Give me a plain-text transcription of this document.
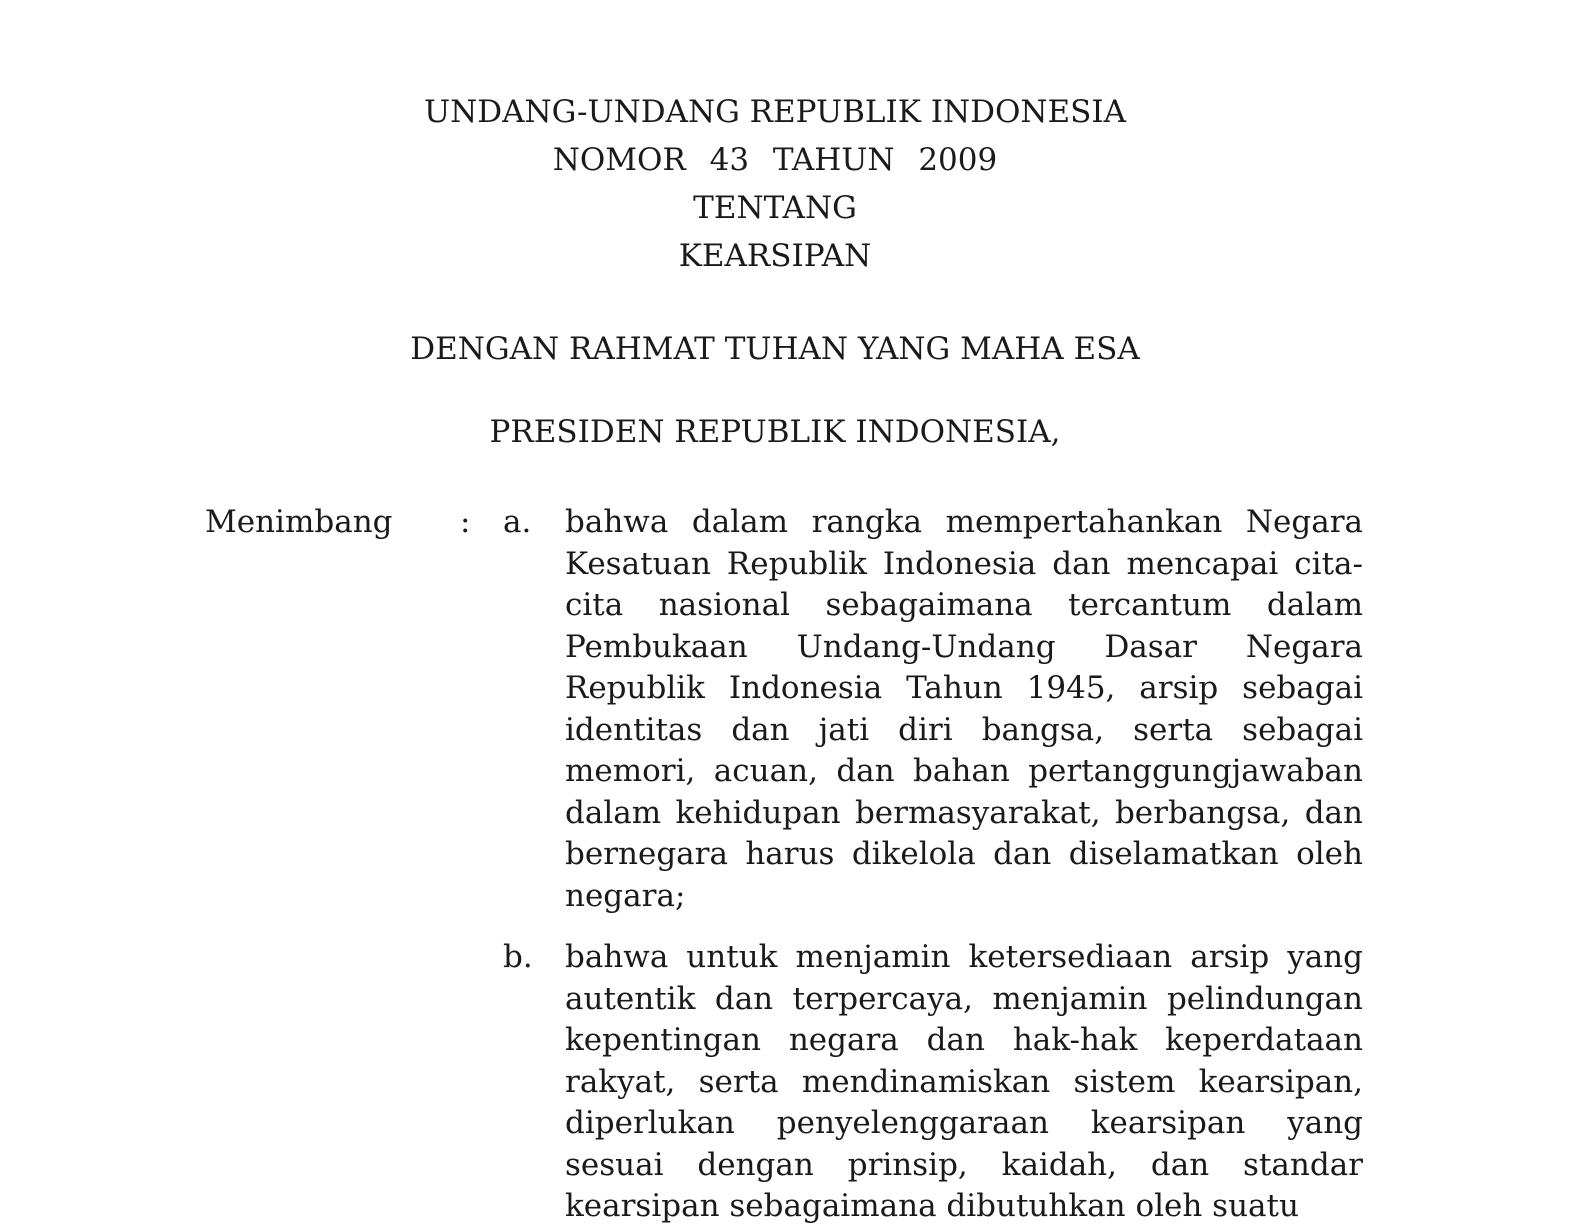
UNDANG-UNDANG REPUBLIK INDONESIA
NOMOR 43 TAHUN 2009
TENTANG
KEARSIPAN
DENGAN RAHMAT TUHAN YANG MAHA ESA
PRESIDEN REPUBLIK INDONESIA,
Menimbang	:	a.	bahwa dalam rangka mempertahankan Negara Kesatuan Republik Indonesia dan mencapai cita-cita nasional sebagaimana tercantum dalam Pembukaan Undang-Undang Dasar Negara Republik Indonesia Tahun 1945, arsip sebagai identitas dan jati diri bangsa, serta sebagai memori, acuan, dan bahan pertanggungjawaban dalam kehidupan bermasyarakat, berbangsa, dan bernegara harus dikelola dan diselamatkan oleh negara;
b.	bahwa untuk menjamin ketersediaan arsip yang autentik dan terpercaya, menjamin pelindungan kepentingan negara dan hak-hak keperdataan rakyat, serta mendinamiskan sistem kearsipan, diperlukan penyelenggaraan kearsipan yang sesuai dengan prinsip, kaidah, dan standar kearsipan sebagaimana dibutuhkan oleh suatu
